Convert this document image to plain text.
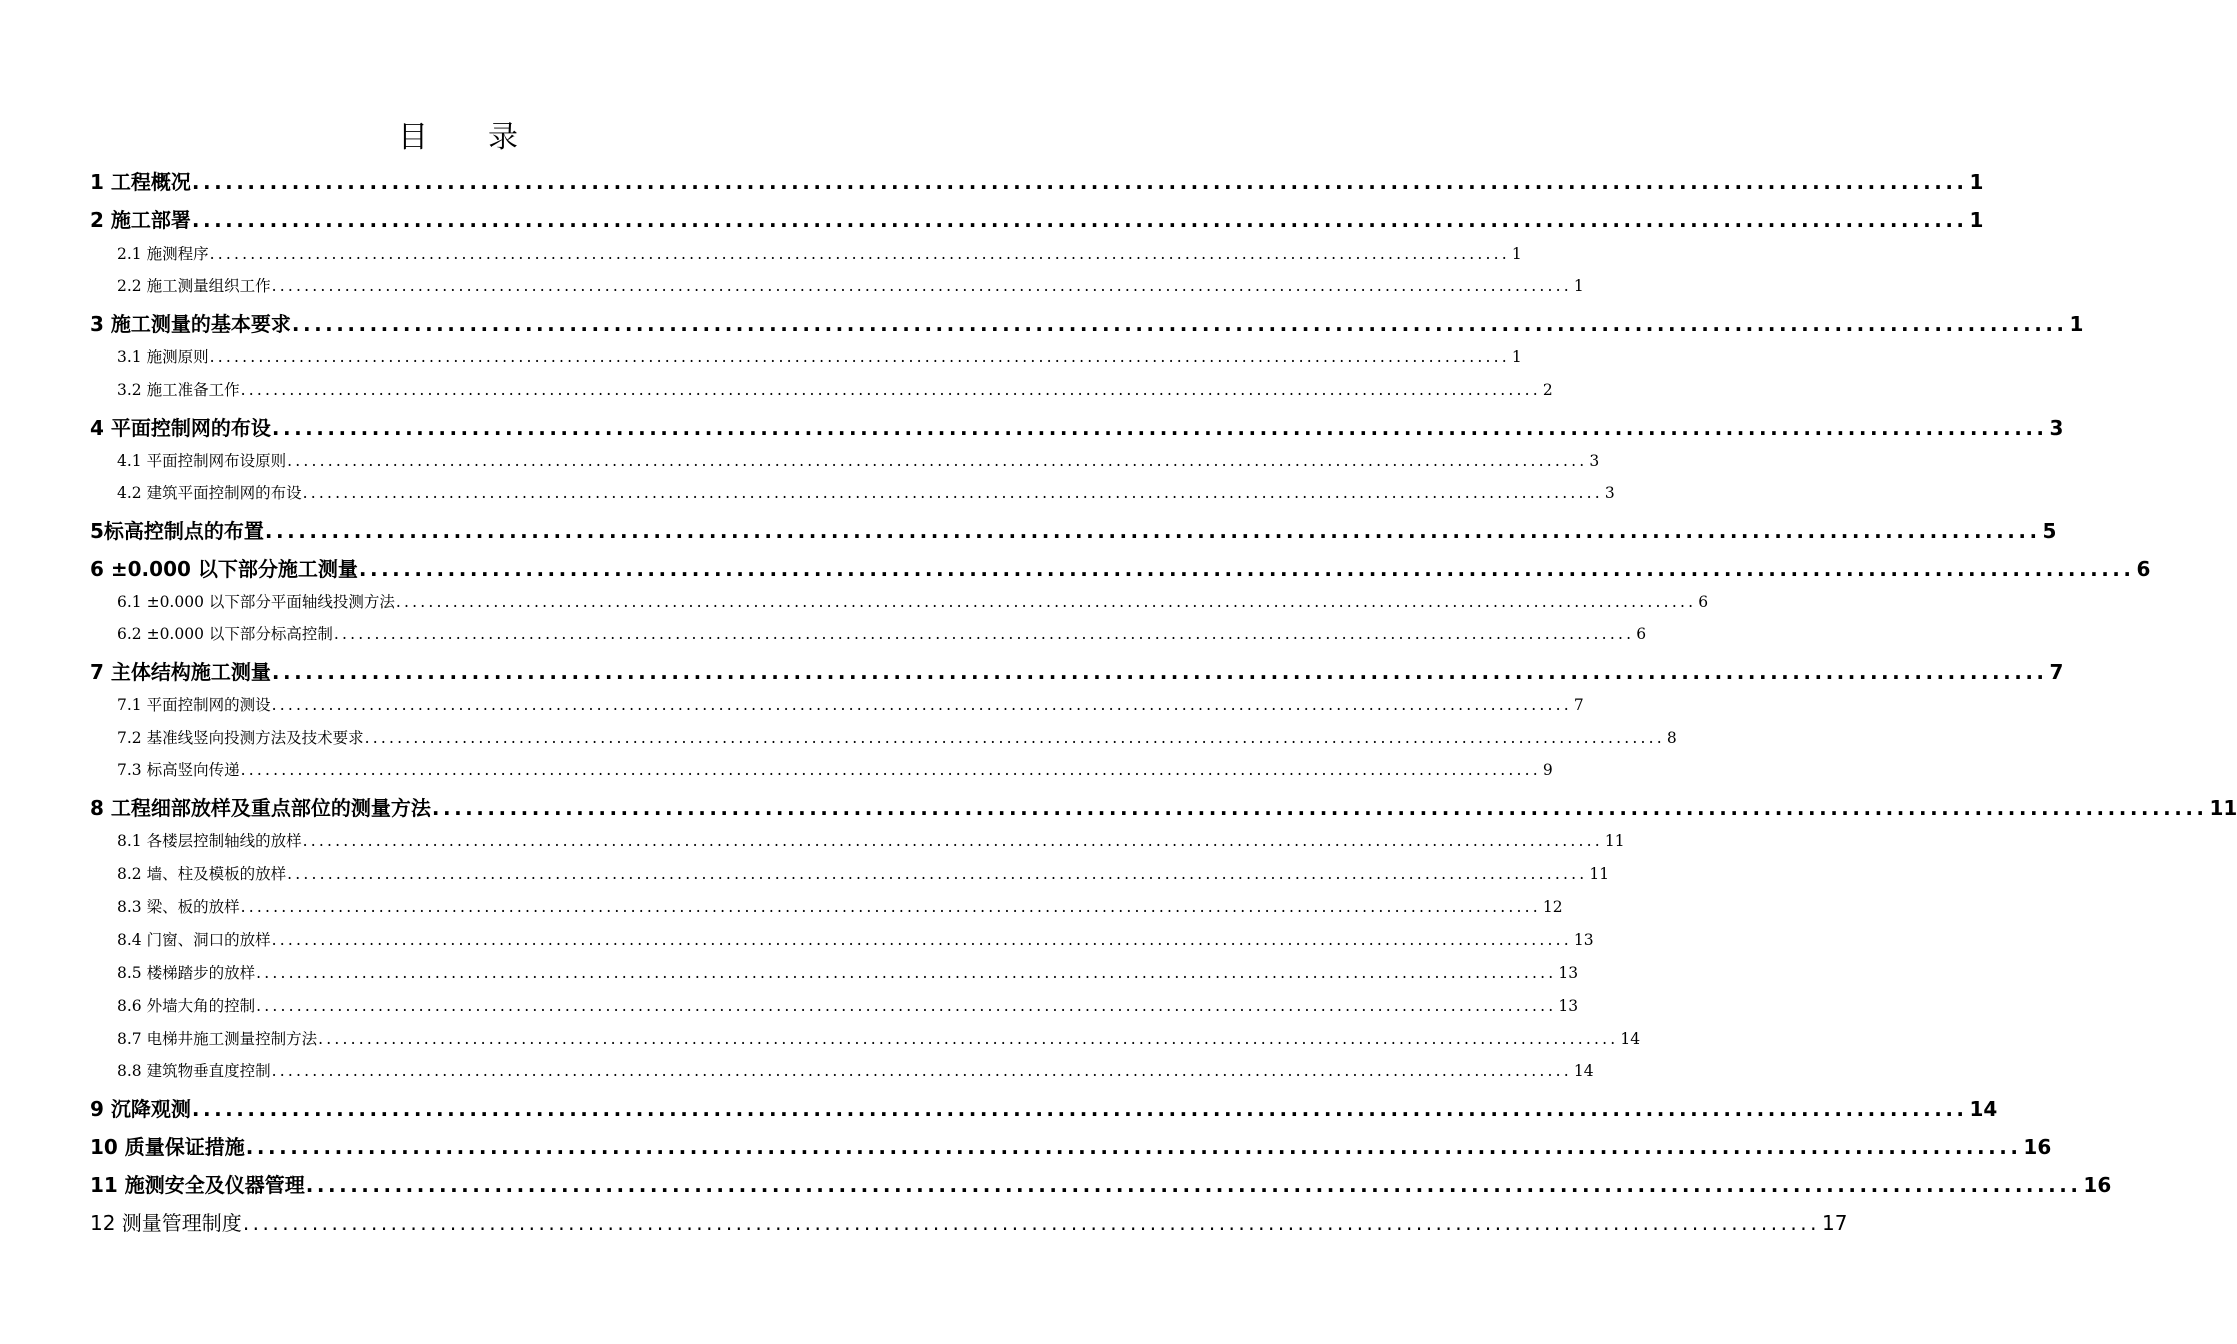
目　　录
1 工程概况 ................................................................................................................................................................ 1
2 施工部署 ................................................................................................................................................................ 1
2.1 施测程序 ................................................................................................................................................................ 1
2.2 施工测量组织工作 ................................................................................................................................................................ 1
3 施工测量的基本要求 ................................................................................................................................................................ 1
3.1 施测原则 ................................................................................................................................................................ 1
3.2 施工准备工作 ................................................................................................................................................................ 2
4 平面控制网的布设 ................................................................................................................................................................ 3
4.1 平面控制网布设原则 ................................................................................................................................................................ 3
4.2 建筑平面控制网的布设 ................................................................................................................................................................ 3
5标高控制点的布置 ................................................................................................................................................................ 5
6 ±0.000 以下部分施工测量 ................................................................................................................................................................ 6
6.1 ±0.000 以下部分平面轴线投测方法 ................................................................................................................................................................ 6
6.2 ±0.000 以下部分标高控制 ................................................................................................................................................................ 6
7 主体结构施工测量 ................................................................................................................................................................ 7
7.1 平面控制网的测设 ................................................................................................................................................................ 7
7.2 基准线竖向投测方法及技术要求 ................................................................................................................................................................ 8
7.3 标高竖向传递 ................................................................................................................................................................ 9
8 工程细部放样及重点部位的测量方法 ................................................................................................................................................................ 11
8.1 各楼层控制轴线的放样 ................................................................................................................................................................ 11
8.2 墙、柱及模板的放样 ................................................................................................................................................................ 11
8.3 梁、板的放样 ................................................................................................................................................................ 12
8.4 门窗、洞口的放样 ................................................................................................................................................................ 13
8.5 楼梯踏步的放样 ................................................................................................................................................................ 13
8.6 外墙大角的控制 ................................................................................................................................................................ 13
8.7 电梯井施工测量控制方法 ................................................................................................................................................................ 14
8.8 建筑物垂直度控制 ................................................................................................................................................................ 14
9 沉降观测 ................................................................................................................................................................ 14
10 质量保证措施 ................................................................................................................................................................ 16
11 施测安全及仪器管理 ................................................................................................................................................................ 16
12 测量管理制度 ................................................................................................................................................................ 17
